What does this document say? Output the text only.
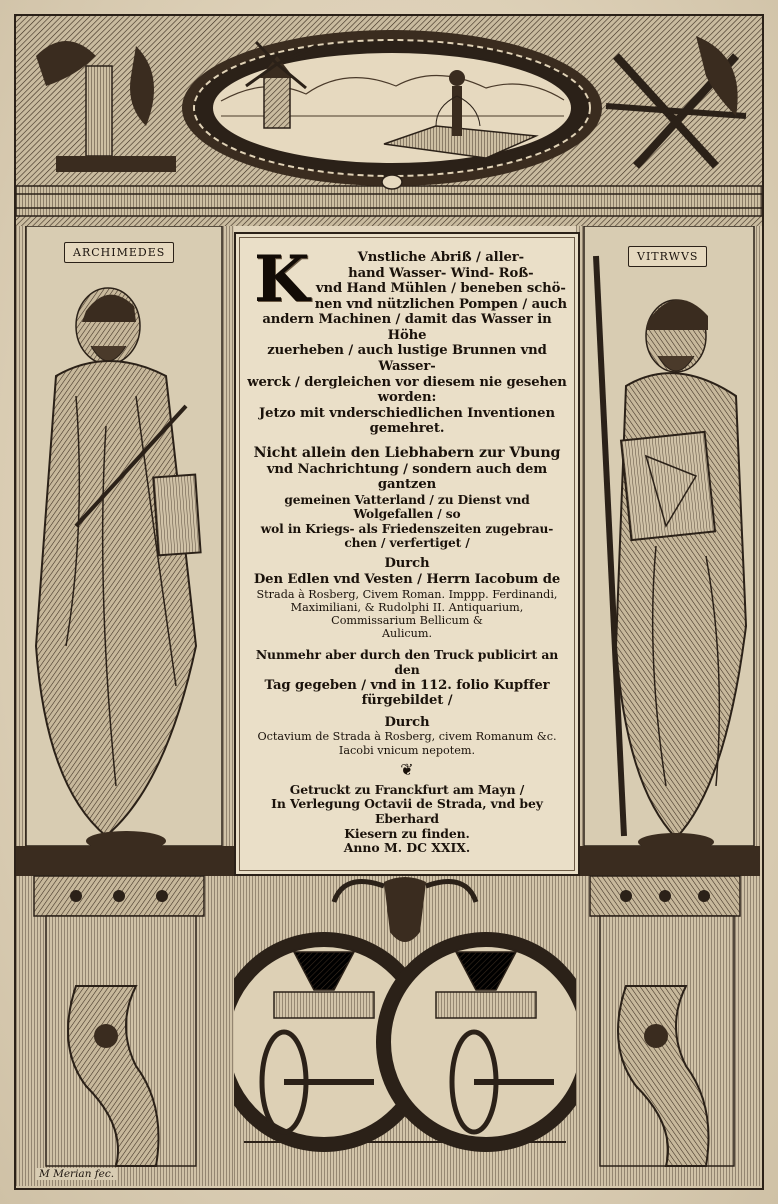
ARCHIMEDES	VITRWVS
M Merian fec.
K	Vnstliche Abriß / aller-

hand Wasser- Wind- Roß-

vnd Hand Mühlen / beneben schö-

nen vnd nützlichen Pompen / auch

andern Machinen / damit das Wasser in Höhe

zuerheben / auch lustige Brunnen vnd Wasser-

werck / dergleichen vor diesem nie gesehen worden:

Jetzo mit vnderschiedlichen Inventionen

gemehret.

Nicht allein den Liebhabern zur Vbung

vnd Nachrichtung / sondern auch dem gantzen

gemeinen Vatterland / zu Dienst vnd Wolgefallen / so

wol in Kriegs- als Friedenszeiten zugebrau-

chen / verfertiget /

Durch

Den Edlen vnd Vesten / Herrn Iacobum de

Strada à Rosberg, Civem Roman. Imppp. Ferdinandi,

Maximiliani, & Rudolphi II. Antiquarium,

Commissarium Bellicum &

Aulicum.

Nunmehr aber durch den Truck publicirt an den

Tag gegeben / vnd in 112. folio Kupffer

fürgebildet /

Durch

Octavium de Strada à Rosberg, civem Romanum &c.

Iacobi vnicum nepotem.

❦

Getruckt zu Franckfurt am Mayn /

In Verlegung Octavii de Strada, vnd bey Eberhard

Kiesern zu finden.

Anno M. DC XXIX.
